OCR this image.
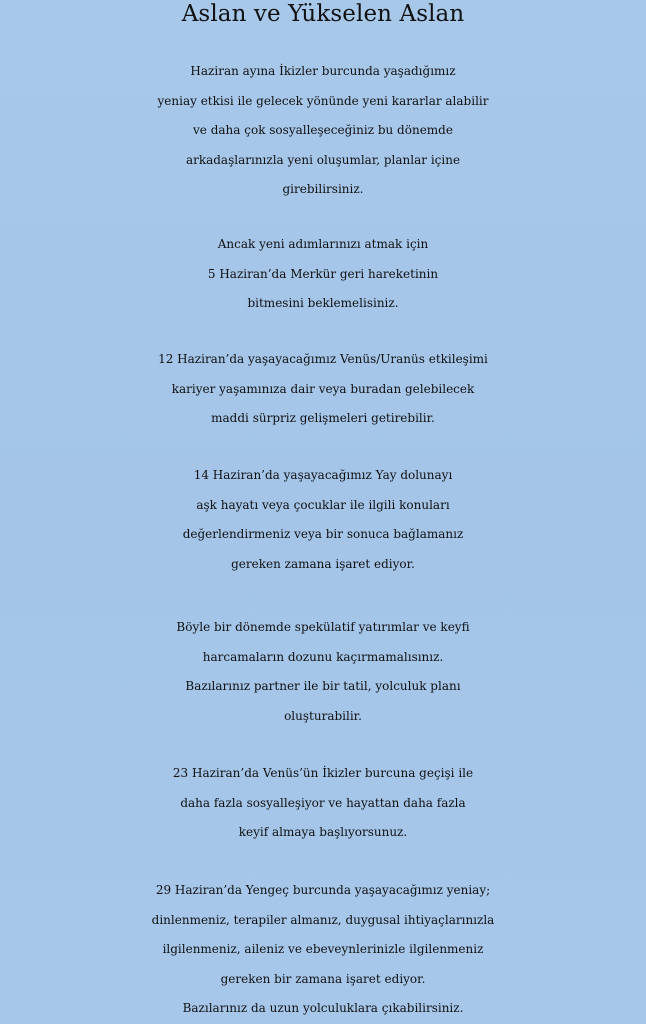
Aslan ve Yükselen Aslan

Haziran ayına İkizler burcunda yaşadığımız
yeniay etkisi ile gelecek yönünde yeni kararlar alabilir
ve daha çok sosyalleşeceğiniz bu dönemde
arkadaşlarınızla yeni oluşumlar, planlar içine
girebilirsiniz.

Ancak yeni adımlarınızı atmak için
5 Haziran’da Merkür geri hareketinin
bitmesini beklemelisiniz.

12 Haziran’da yaşayacağımız Venüs/Uranüs etkileşimi
kariyer yaşamınıza dair veya buradan gelebilecek
maddi sürpriz gelişmeleri getirebilir.

14 Haziran’da yaşayacağımız Yay dolunayı
aşk hayatı veya çocuklar ile ilgili konuları
değerlendirmeniz veya bir sonuca bağlamanız
gereken zamana işaret ediyor.

Böyle bir dönemde spekülatif yatırımlar ve keyfi
harcamaların dozunu kaçırmamalısınız.
Bazılarınız partner ile bir tatil, yolculuk planı
oluşturabilir.

23 Haziran’da Venüs’ün İkizler burcuna geçişi ile
daha fazla sosyalleşiyor ve hayattan daha fazla
keyif almaya başlıyorsunuz.

29 Haziran’da Yengeç burcunda yaşayacağımız yeniay;
dinlenmeniz, terapiler almanız, duygusal ihtiyaçlarınızla
ilgilenmeniz, aileniz ve ebeveynlerinizle ilgilenmeniz
gereken bir zamana işaret ediyor.
Bazılarınız da uzun yolculuklara çıkabilirsiniz.
